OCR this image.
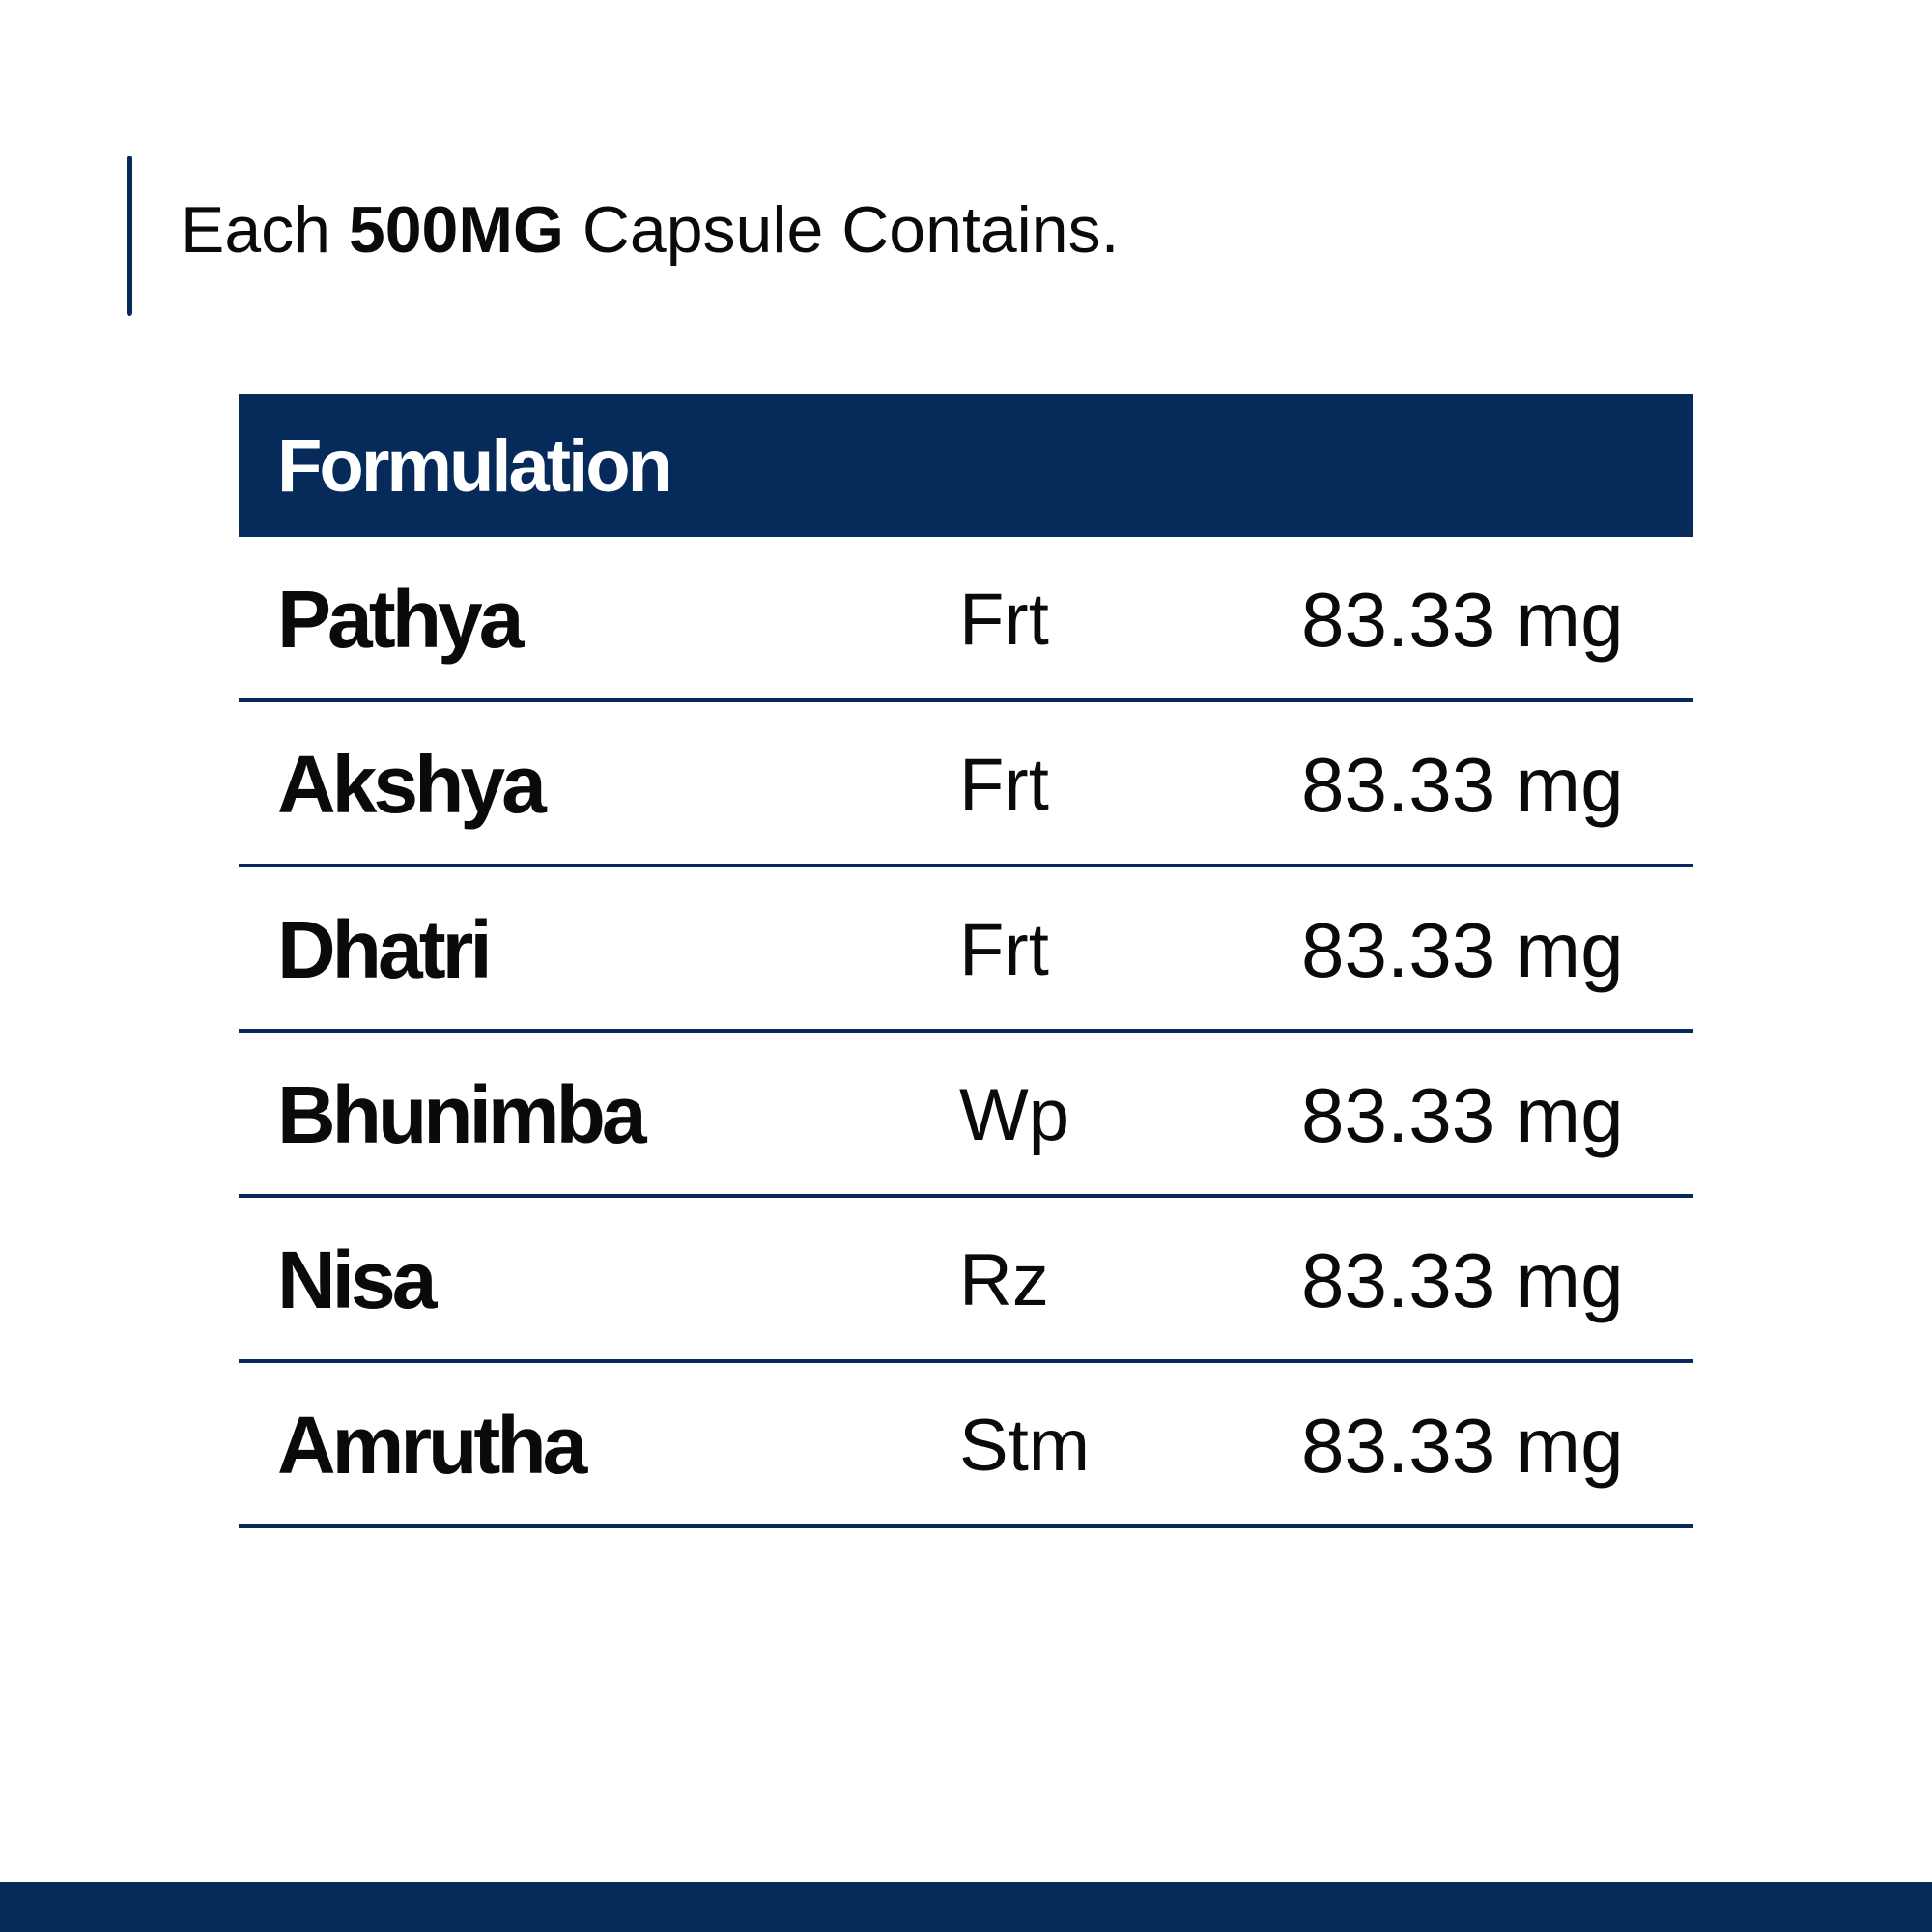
Each 500MG Capsule Contains.
Formulation
Pathya	Frt	83.33 mg
Akshya	Frt	83.33 mg
Dhatri	Frt	83.33 mg
Bhunimba	Wp	83.33 mg
Nisa	Rz	83.33 mg
Amrutha	Stm	83.33 mg
